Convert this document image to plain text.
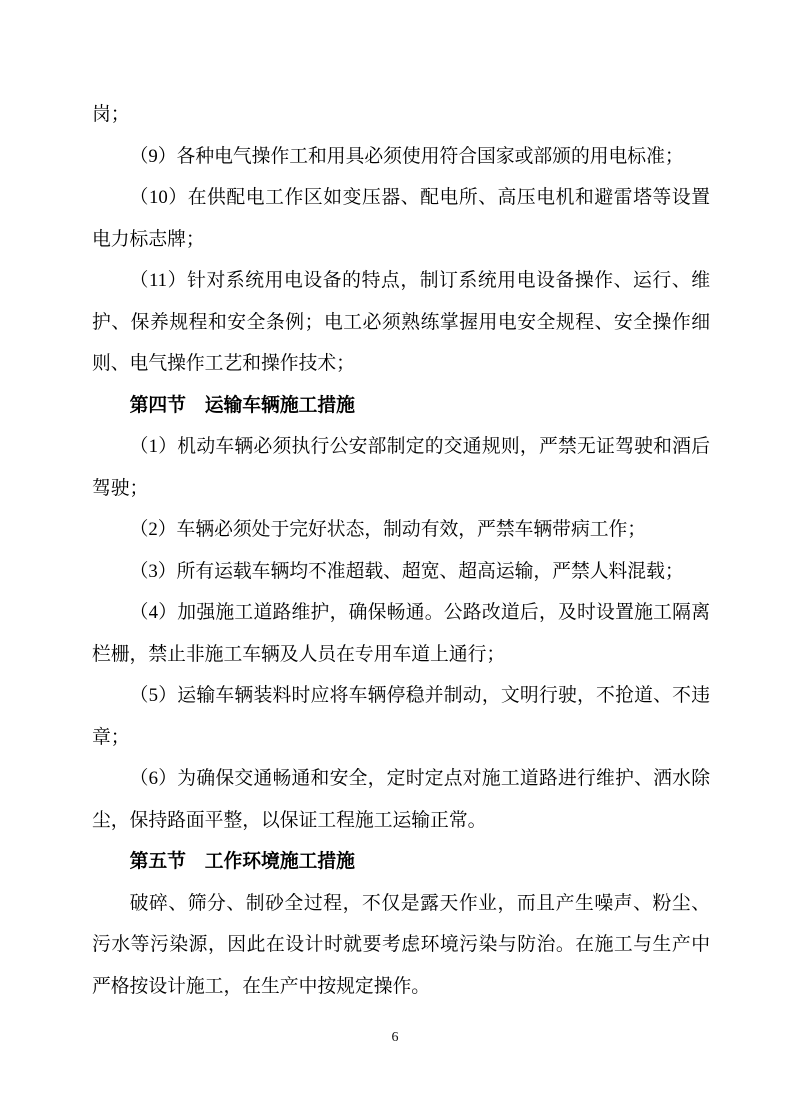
岗；

（9）各种电气操作工和用具必须使用符合国家或部颁的用电标准；

（10）在供配电工作区如变压器、配电所、高压电机和避雷塔等设置电力标志牌；

（11）针对系统用电设备的特点，制订系统用电设备操作、运行、维护、保养规程和安全条例；电工必须熟练掌握用电安全规程、安全操作细则、电气操作工艺和操作技术；

第四节　运输车辆施工措施

（1）机动车辆必须执行公安部制定的交通规则，严禁无证驾驶和酒后驾驶；

（2）车辆必须处于完好状态，制动有效，严禁车辆带病工作；

（3）所有运载车辆均不准超载、超宽、超高运输，严禁人料混载；

（4）加强施工道路维护，确保畅通。公路改道后，及时设置施工隔离栏栅，禁止非施工车辆及人员在专用车道上通行；

（5）运输车辆装料时应将车辆停稳并制动，文明行驶，不抢道、不违章；

（6）为确保交通畅通和安全，定时定点对施工道路进行维护、洒水除尘，保持路面平整，以保证工程施工运输正常。

第五节　工作环境施工措施

破碎、筛分、制砂全过程，不仅是露天作业，而且产生噪声、粉尘、污水等污染源，因此在设计时就要考虑环境污染与防治。在施工与生产中严格按设计施工，在生产中按规定操作。

6
